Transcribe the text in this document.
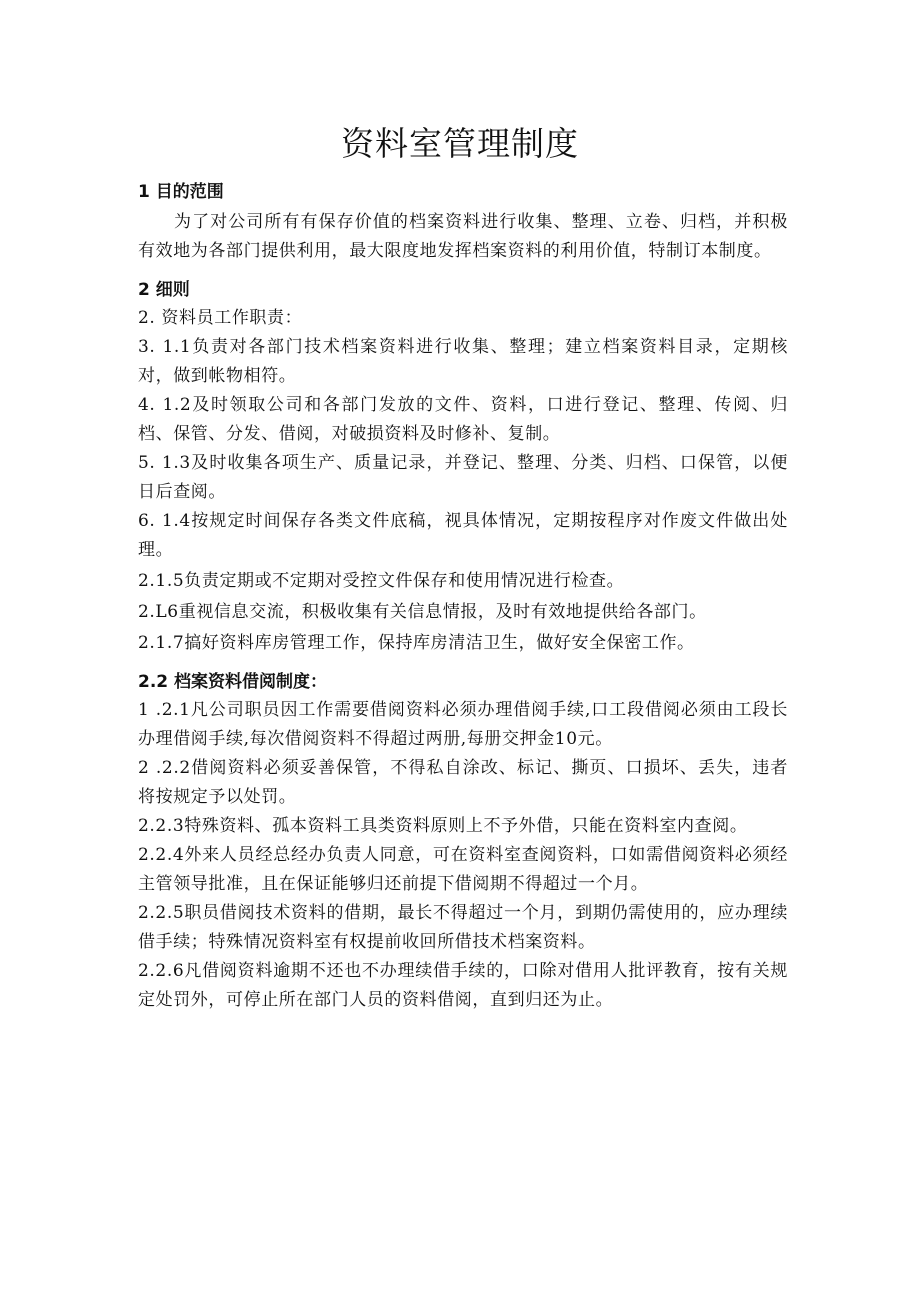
资料室管理制度

1 目的范围

为了对公司所有有保存价值的档案资料进行收集、整理、立卷、归档，并积极有效地为各部门提供利用，最大限度地发挥档案资料的利用价值，特制订本制度。

2 细则

2. 资料员工作职责：

3. 1.1负责对各部门技术档案资料进行收集、整理；建立档案资料目录，定期核对，做到帐物相符。

4. 1.2及时领取公司和各部门发放的文件、资料，口进行登记、整理、传阅、归档、保管、分发、借阅，对破损资料及时修补、复制。

5. 1.3及时收集各项生产、质量记录，并登记、整理、分类、归档、口保管，以便日后查阅。

6. 1.4按规定时间保存各类文件底稿，视具体情况，定期按程序对作废文件做出处理。

2.1.5负责定期或不定期对受控文件保存和使用情况进行检查。

2.L6重视信息交流，积极收集有关信息情报，及时有效地提供给各部门。

2.1.7搞好资料库房管理工作，保持库房清洁卫生，做好安全保密工作。

2.2 档案资料借阅制度：

1 .2.1凡公司职员因工作需要借阅资料必须办理借阅手续,口工段借阅必须由工段长办理借阅手续,每次借阅资料不得超过两册,每册交押金10元。

2 .2.2借阅资料必须妥善保管，不得私自涂改、标记、撕页、口损坏、丢失，违者将按规定予以处罚。

2.2.3特殊资料、孤本资料工具类资料原则上不予外借，只能在资料室内查阅。

2.2.4外来人员经总经办负责人同意，可在资料室查阅资料，口如需借阅资料必须经主管领导批准，且在保证能够归还前提下借阅期不得超过一个月。

2.2.5职员借阅技术资料的借期，最长不得超过一个月，到期仍需使用的，应办理续借手续；特殊情况资料室有权提前收回所借技术档案资料。

2.2.6凡借阅资料逾期不还也不办理续借手续的，口除对借用人批评教育，按有关规定处罚外，可停止所在部门人员的资料借阅，直到归还为止。
